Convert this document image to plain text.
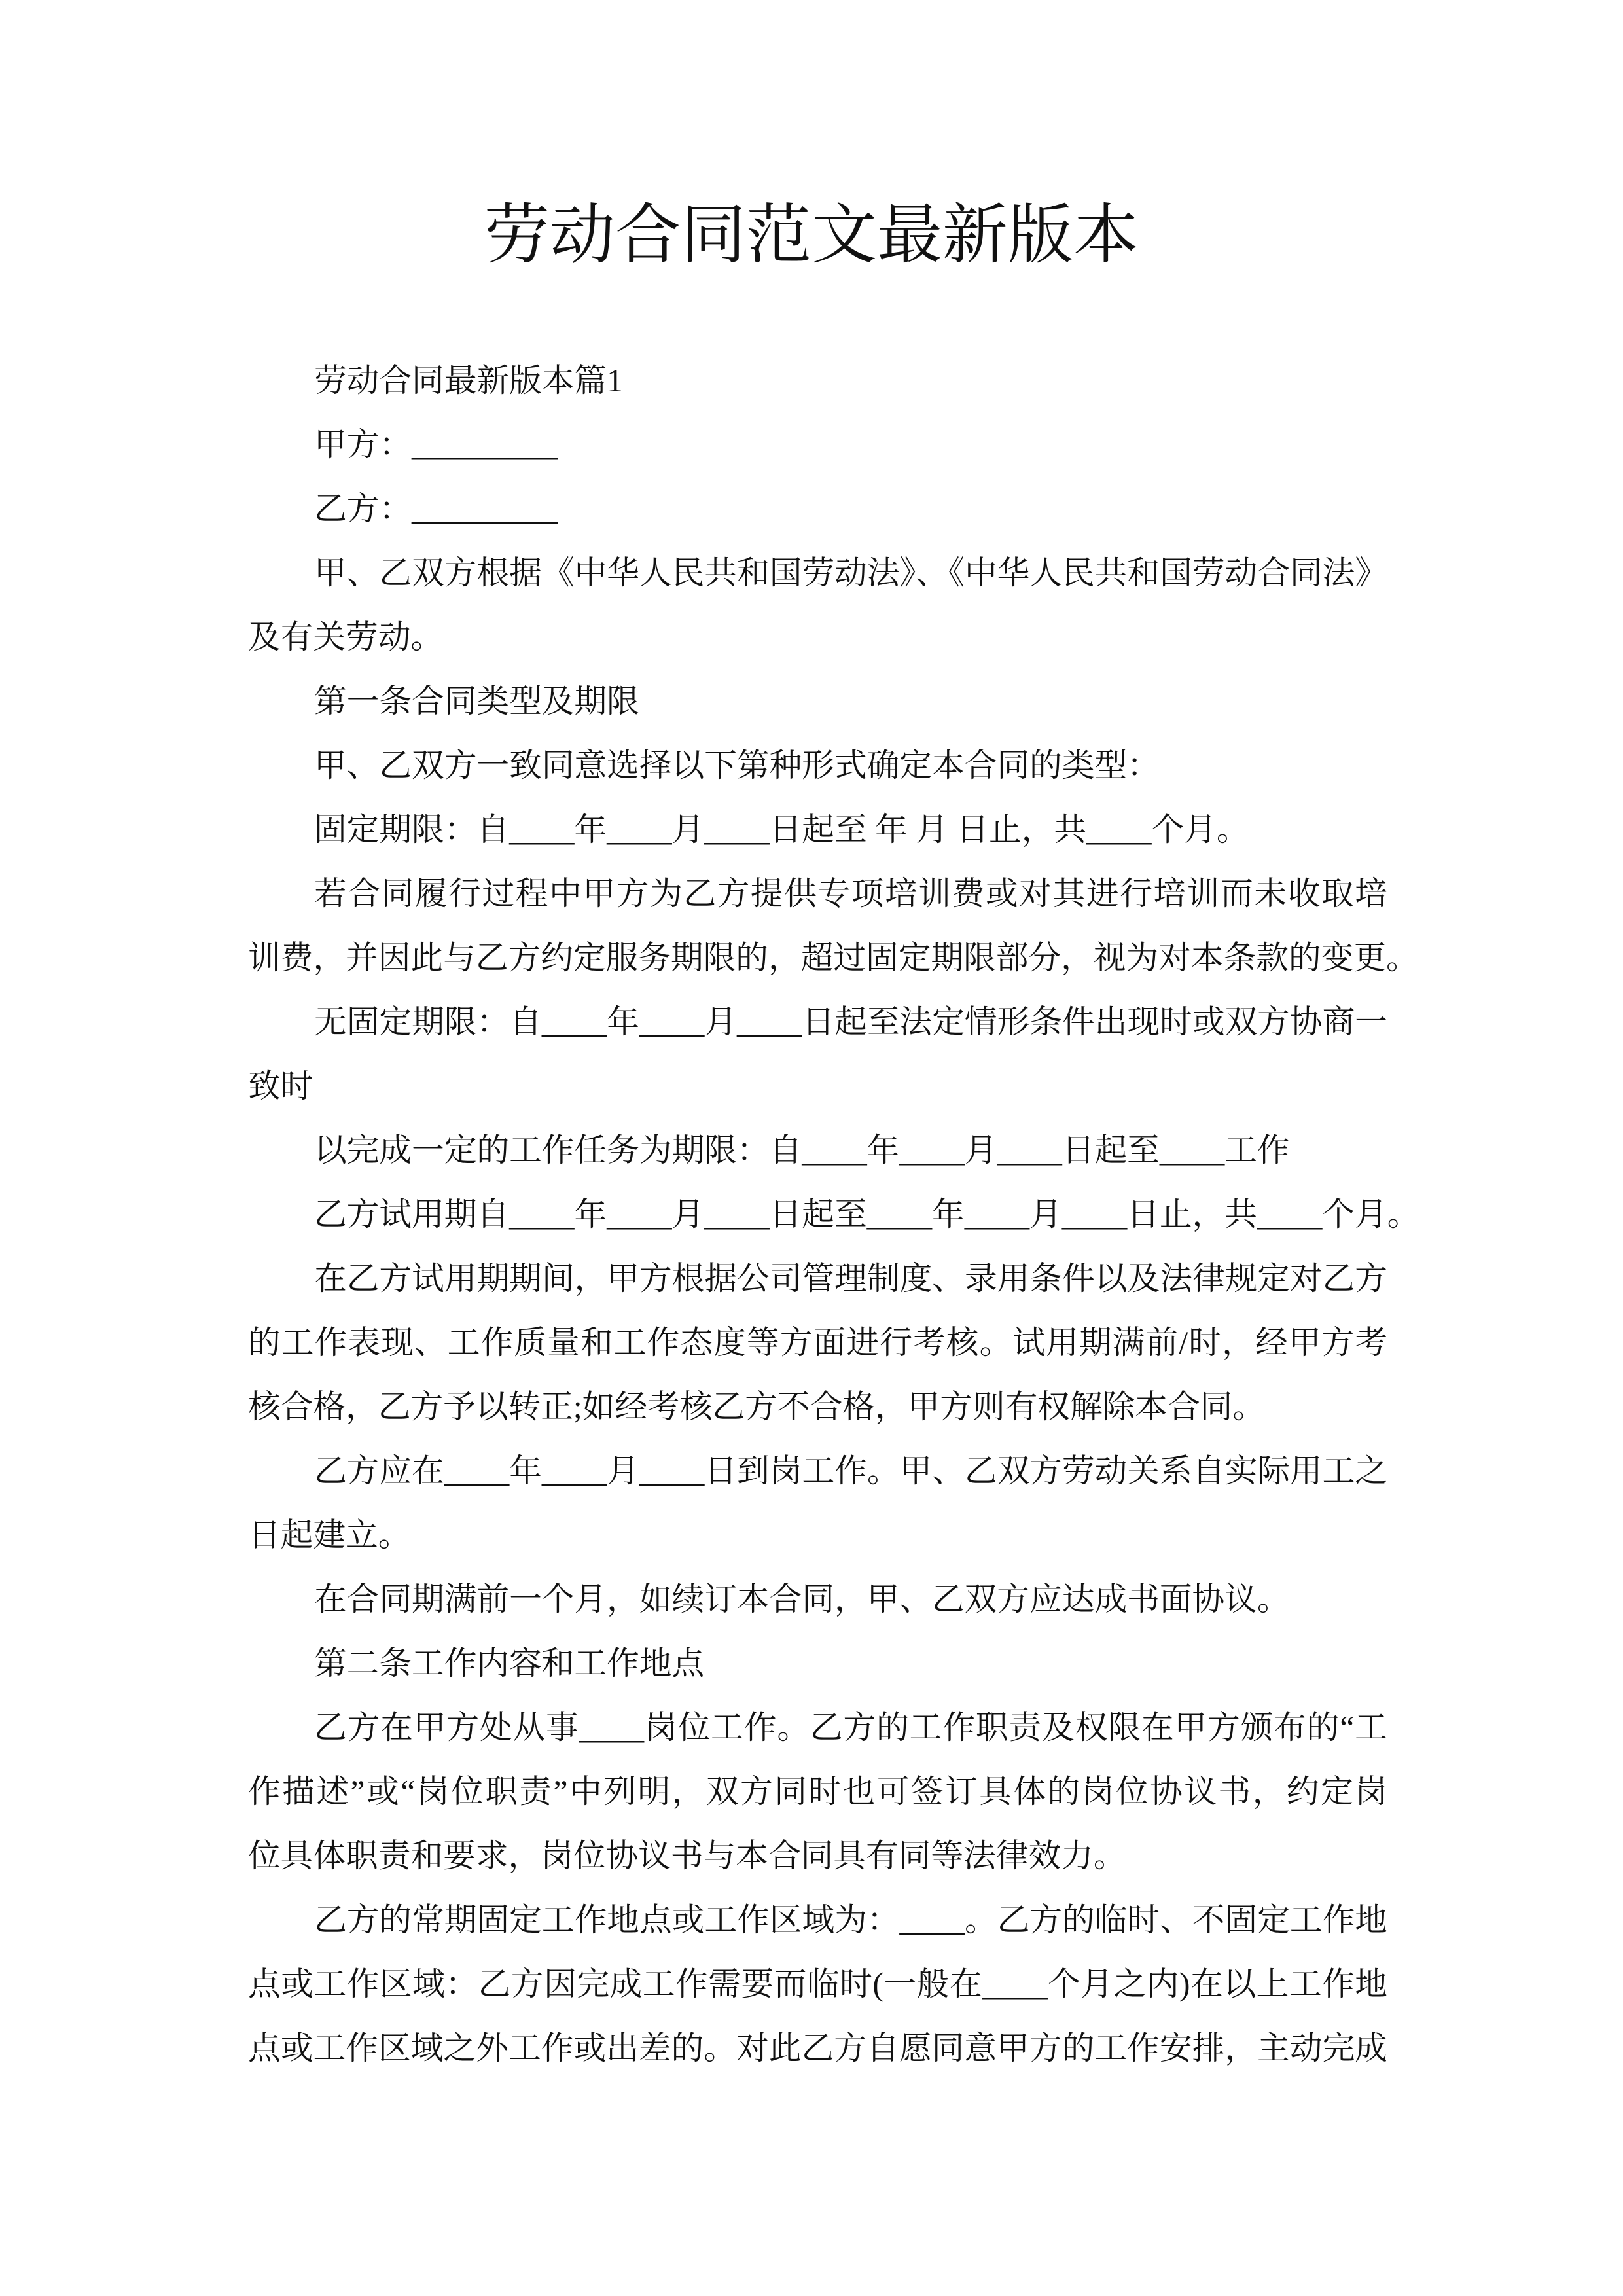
劳动合同范文最新版本
劳动合同最新版本篇1
甲方：_________
乙方：_________
甲、乙双方根据《中华人民共和国劳动法》、《中华人民共和国劳动合同法》
及有关劳动。
第一条合同类型及期限
甲、乙双方一致同意选择以下第种形式确定本合同的类型：
固定期限：自____年____月____日起至 年 月 日止，共____个月。
若合同履行过程中甲方为乙方提供专项培训费或对其进行培训而未收取培
训费，并因此与乙方约定服务期限的，超过固定期限部分，视为对本条款的变更。
无固定期限：自____年____月____日起至法定情形条件出现时或双方协商一
致时
以完成一定的工作任务为期限：自____年____月____日起至____工作
乙方试用期自____年____月____日起至____年____月____日止，共____个月。
在乙方试用期期间，甲方根据公司管理制度、录用条件以及法律规定对乙方
的工作表现、工作质量和工作态度等方面进行考核。试用期满前/时，经甲方考
核合格，乙方予以转正;如经考核乙方不合格，甲方则有权解除本合同。
乙方应在____年____月____日到岗工作。甲、乙双方劳动关系自实际用工之
日起建立。
在合同期满前一个月，如续订本合同，甲、乙双方应达成书面协议。
第二条工作内容和工作地点
乙方在甲方处从事____岗位工作。乙方的工作职责及权限在甲方颁布的“工
作描述”或“岗位职责”中列明，双方同时也可签订具体的岗位协议书，约定岗
位具体职责和要求，岗位协议书与本合同具有同等法律效力。
乙方的常期固定工作地点或工作区域为：____。乙方的临时、不固定工作地
点或工作区域：乙方因完成工作需要而临时(一般在____个月之内)在以上工作地
点或工作区域之外工作或出差的。对此乙方自愿同意甲方的工作安排，主动完成
